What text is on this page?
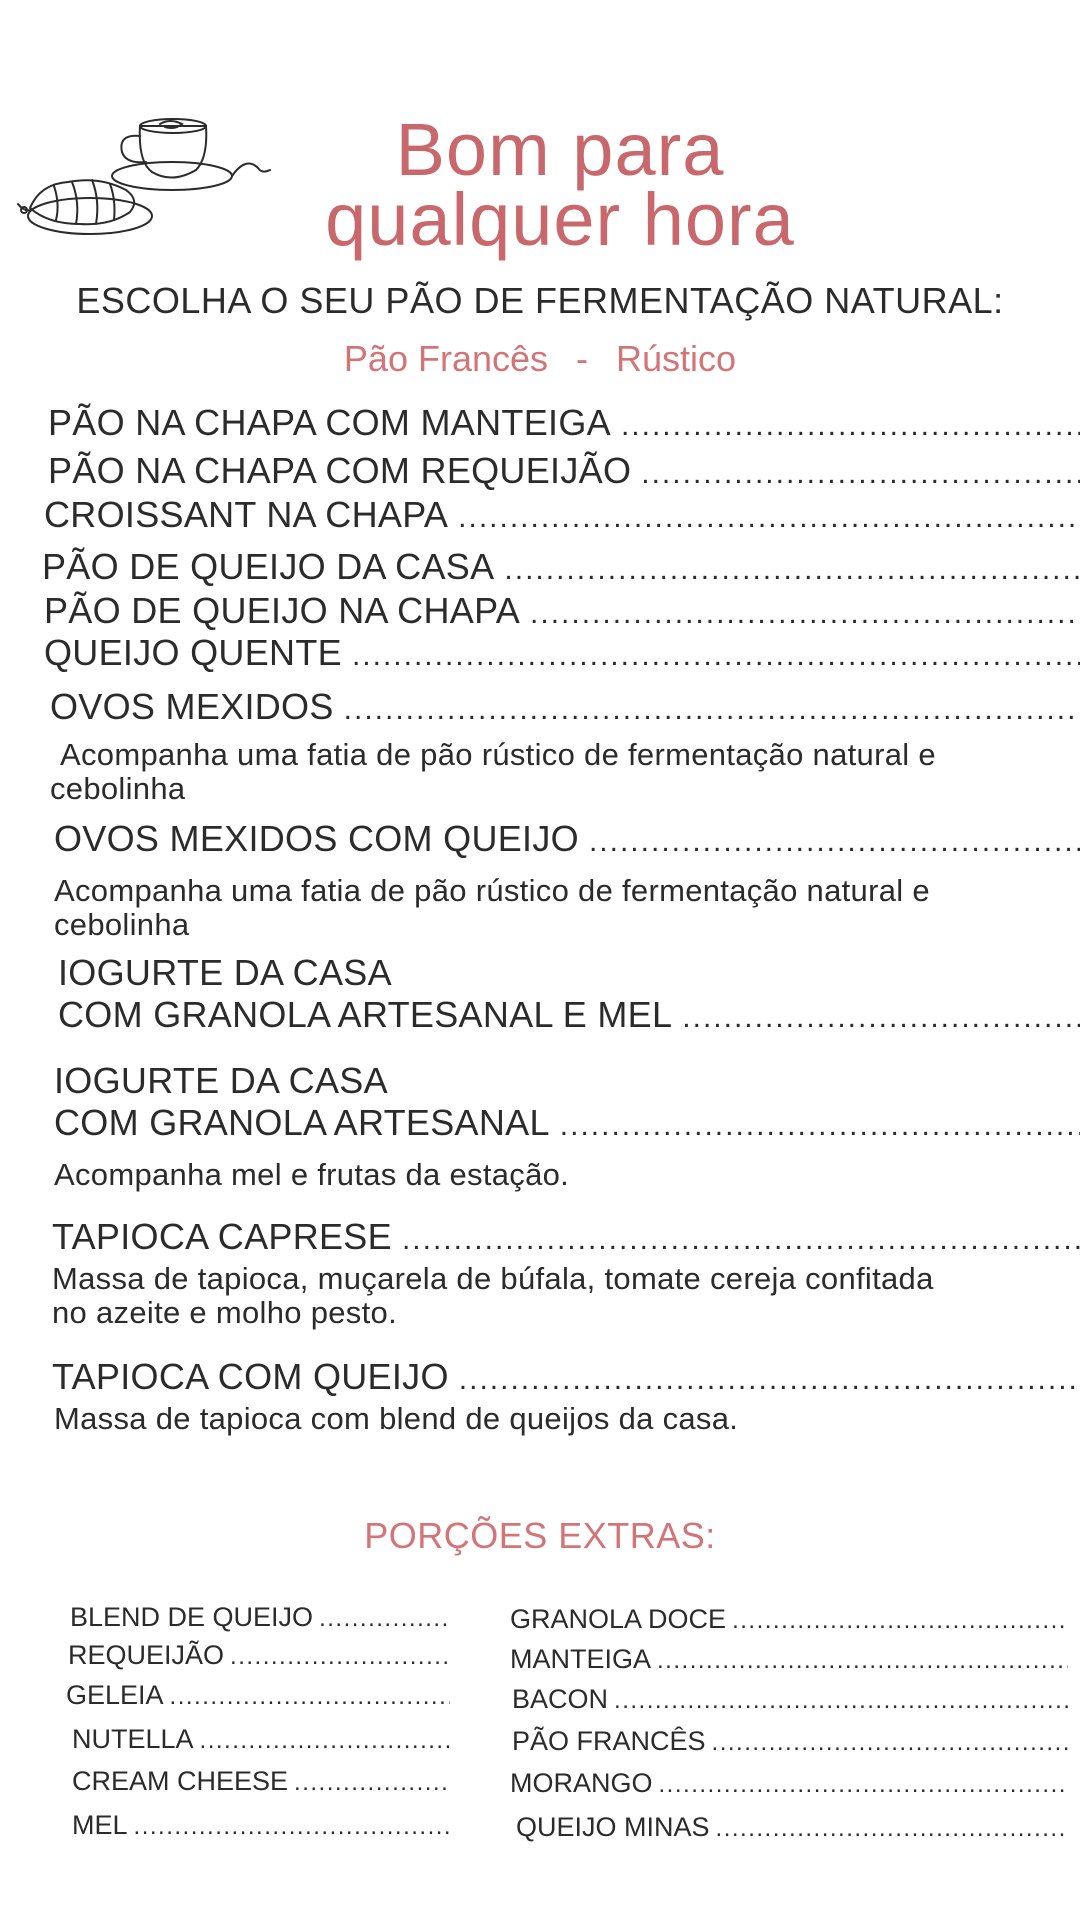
Bom para
qualquer hora
ESCOLHA O SEU PÃO DE FERMENTAÇÃO NATURAL:
Pão Francês - Rústico
PÃO NA CHAPA COM MANTEIGA
.....
PÃO NA CHAPA COM REQUEIJÃO
.....
CROISSANT NA CHAPA
.....
PÃO DE QUEIJO DA CASA
.....
PÃO DE QUEIJO NA CHAPA
.....
QUEIJO QUENTE
.....
OVOS MEXIDOS
.....
Acompanha uma fatia de pão rústico de fermentação natural e
cebolinha
OVOS MEXIDOS COM QUEIJO
.....
Acompanha uma fatia de pão rústico de fermentação natural e
cebolinha
IOGURTE DA CASA
COM GRANOLA ARTESANAL E MEL
.....
IOGURTE DA CASA
COM GRANOLA ARTESANAL
.....
Acompanha mel e frutas da estação.
TAPIOCA CAPRESE
.....
Massa de tapioca, muçarela de búfala, tomate cereja confitada
no azeite e molho pesto.
TAPIOCA COM QUEIJO
.....
Massa de tapioca com blend de queijos da casa.
PORÇÕES EXTRAS:
BLEND DE QUEIJO
.....
REQUEIJÃO
.....
GELEIA
.....
NUTELLA
.....
CREAM CHEESE
.....
MEL
.....
GRANOLA DOCE
.....
MANTEIGA
.....
BACON
.....
PÃO FRANCÊS
.....
MORANGO
.....
QUEIJO MINAS
.....
